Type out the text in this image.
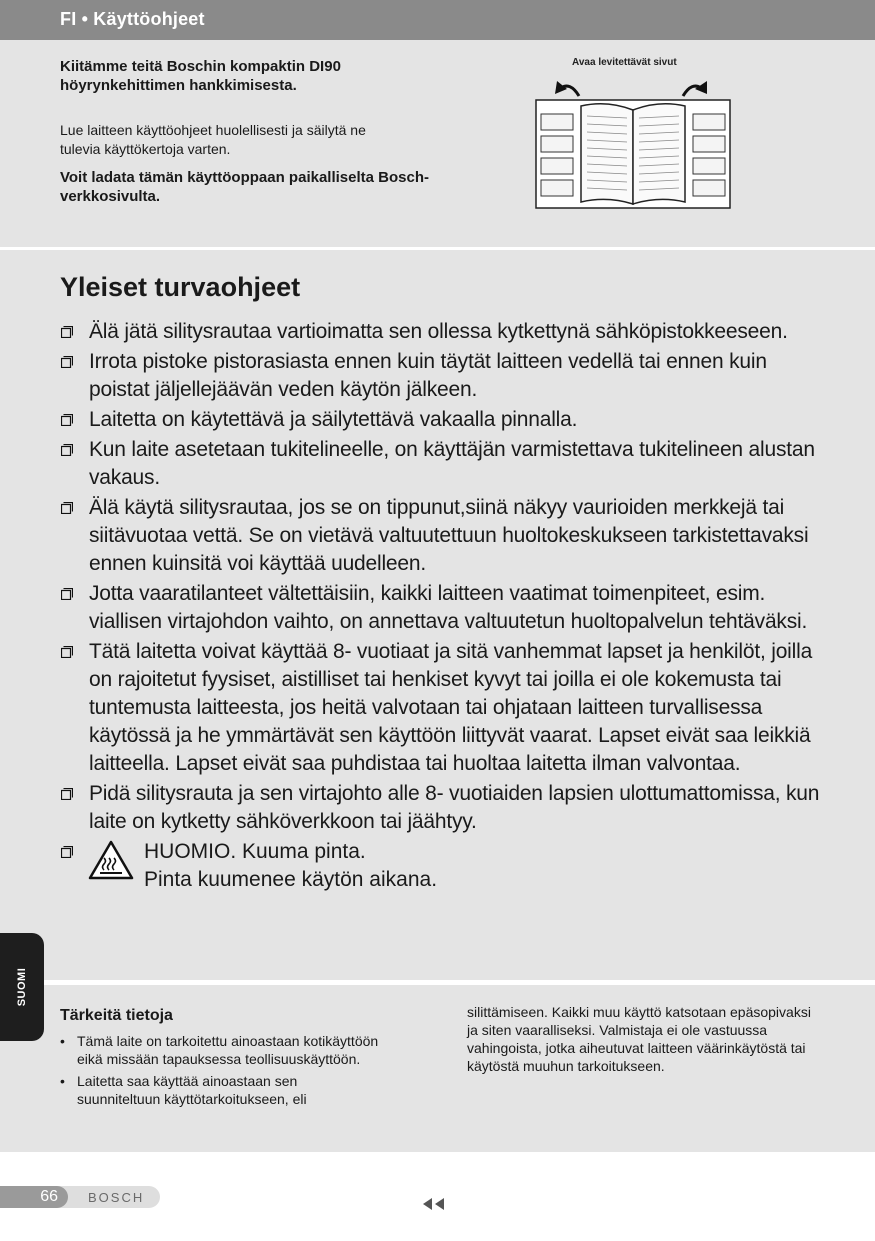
FI • Käyttöohjeet
Kiitämme teitä Boschin kompaktin DI90 höyrynkehittimen hankkimisesta.
Lue laitteen käyttöohjeet huolellisesti ja säilytä ne tulevia käyttökertoja varten.
Voit ladata tämän käyttöoppaan paikalliselta Bosch-verkkosivulta.
Avaa levitettävät sivut
Yleiset turvaohjeet
Älä jätä silitysrautaa vartioimatta sen ollessa kytkettynä sähköpistokkeeseen.
Irrota pistoke pistorasiasta ennen kuin täytät laitteen vedellä tai ennen kuin poistat jäljellejäävän veden käytön jälkeen.
Laitetta on käytettävä ja säilytettävä vakaalla pinnalla.
Kun laite asetetaan tukitelineelle, on käyttäjän varmistettava tukitelineen alustan vakaus.
Älä käytä silitysrautaa, jos se on tippunut,siinä näkyy vaurioiden merkkejä tai siitävuotaa vettä. Se on vietävä valtuutettuun huoltokeskukseen tarkistettavaksi ennen kuinsitä voi käyttää uudelleen.
Jotta vaaratilanteet vältettäisiin, kaikki laitteen vaatimat toimenpiteet, esim. viallisen virtajohdon vaihto, on annettava valtuutetun huoltopalvelun tehtäväksi.
Tätä laitetta voivat käyttää 8- vuotiaat ja sitä vanhemmat lapset ja henkilöt, joilla on rajoitetut fyysiset, aistilliset tai henkiset kyvyt tai joilla ei ole kokemusta tai tuntemusta laitteesta, jos heitä valvotaan tai ohjataan laitteen turvallisessa käytössä ja he ymmärtävät sen käyttöön liittyvät vaarat. Lapset eivät saa leikkiä laitteella. Lapset eivät saa puhdistaa tai huoltaa laitetta ilman valvontaa.
Pidä silitysrauta ja sen virtajohto alle 8- vuotiaiden lapsien ulottumattomissa, kun laite on kytketty sähköverkkoon tai jäähtyy.
HUOMIO. Kuuma pinta.
Pinta kuumenee käytön aikana.
Tärkeitä tietoja
• Tämä laite on tarkoitettu ainoastaan kotikäyttöön eikä missään tapauksessa teollisuuskäyttöön.
• Laitetta saa käyttää ainoastaan sen suunniteltuun käyttötarkoitukseen, eli
silittämiseen. Kaikki muu käyttö katsotaan epäsopivaksi ja siten vaaralliseksi. Valmistaja ei ole vastuussa vahingoista, jotka aiheutuvat laitteen väärinkäytöstä tai käytöstä muuhun tarkoitukseen.
SUOMI
66	BOSCH
